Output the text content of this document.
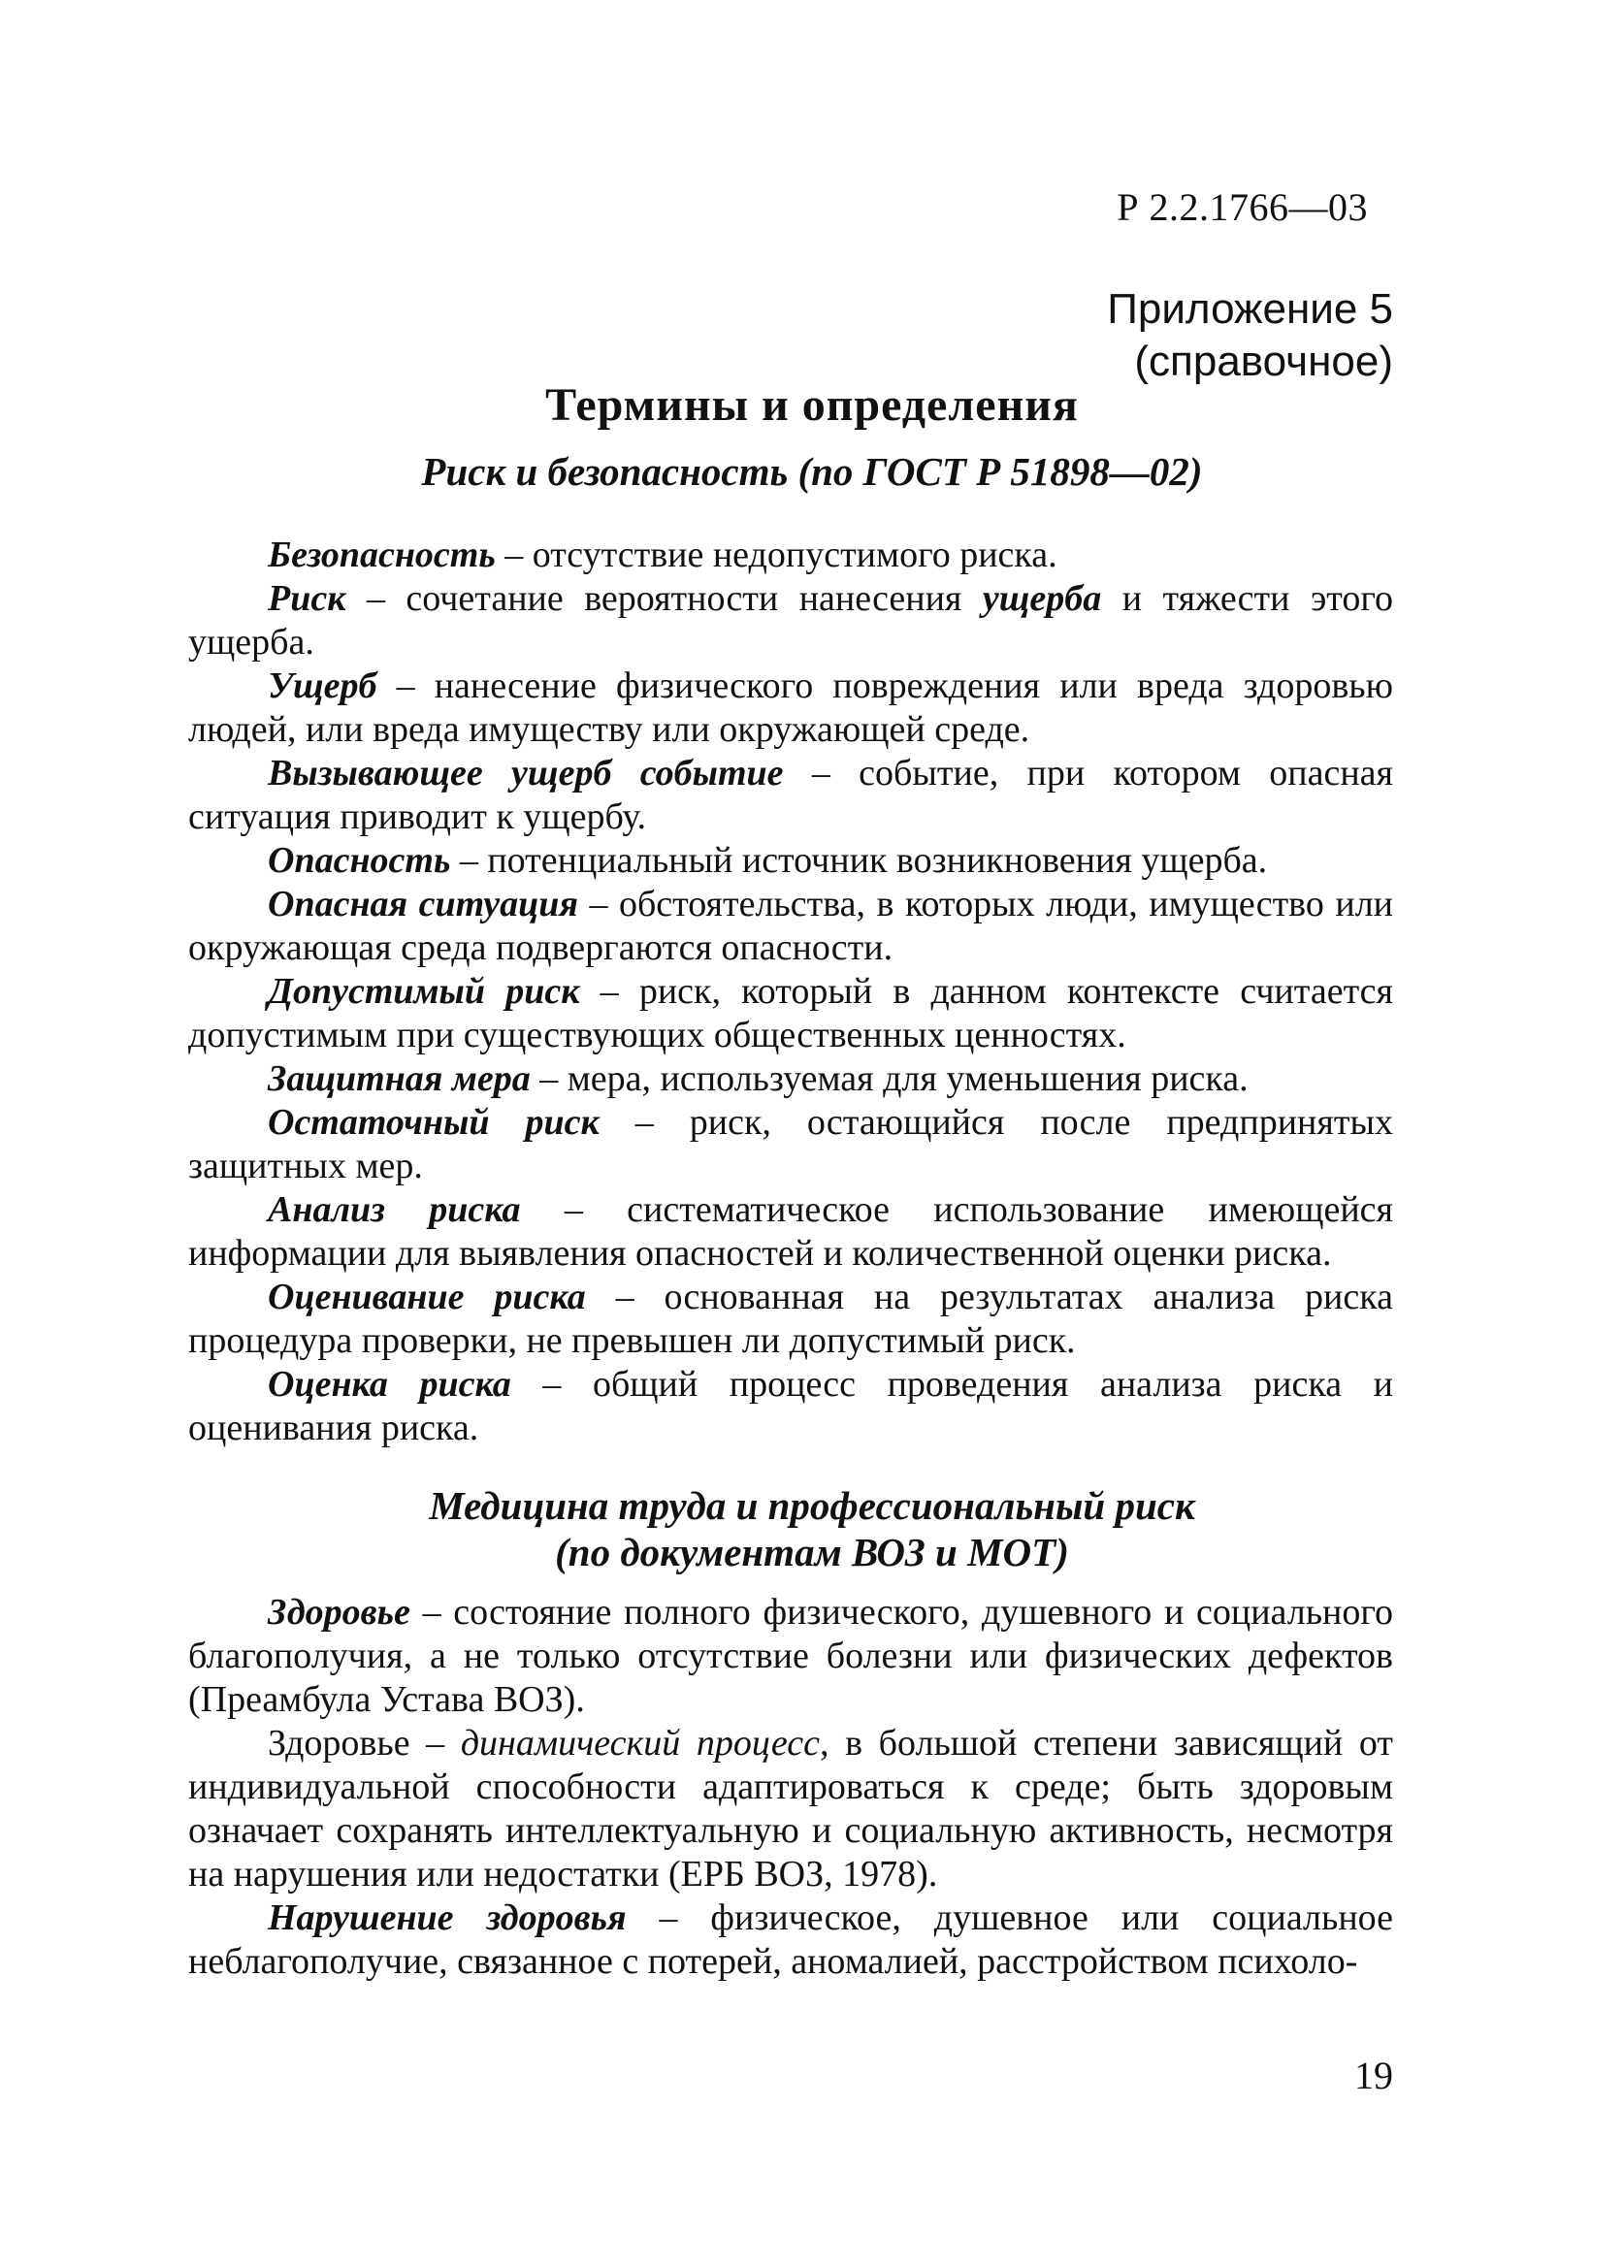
Р 2.2.1766—03
Приложение 5
(справочное)
Термины и определения
Риск и безопасность (по ГОСТ Р 51898—02)

Безопасность – отсутствие недопустимого риска.

Риск – сочетание вероятности нанесения ущерба и тяжести этого ущерба.

Ущерб – нанесение физического повреждения или вреда здоровью людей, или вреда имуществу или окружающей среде.

Вызывающее ущерб событие – событие, при котором опасная ситуация приводит к ущербу.

Опасность – потенциальный источник возникновения ущерба.

Опасная ситуация – обстоятельства, в которых люди, имущество или окружающая среда подвергаются опасности.

Допустимый риск – риск, который в данном контексте считается допустимым при существующих общественных ценностях.

Защитная мера – мера, используемая для уменьшения риска.

Остаточный риск – риск, остающийся после предпринятых защитных мер.

Анализ риска – систематическое использование имеющейся информации для выявления опасностей и количественной оценки риска.

Оценивание риска – основанная на результатах анализа риска процедура проверки, не превышен ли допустимый риск.

Оценка риска – общий процесс проведения анализа риска и оценивания риска.

Медицина труда и профессиональный риск
(по документам ВОЗ и МОТ)

Здоровье – состояние полного физического, душевного и социального благополучия, а не только отсутствие болезни или физических дефектов (Преамбула Устава ВОЗ).

Здоровье – динамический процесс, в большой степени зависящий от индивидуальной способности адаптироваться к среде; быть здоровым означает сохранять интеллектуальную и социальную активность, несмотря на нарушения или недостатки (ЕРБ ВОЗ, 1978).

Нарушение здоровья – физическое, душевное или социальное неблагополучие, связанное с потерей, аномалией, расстройством психоло-

19
